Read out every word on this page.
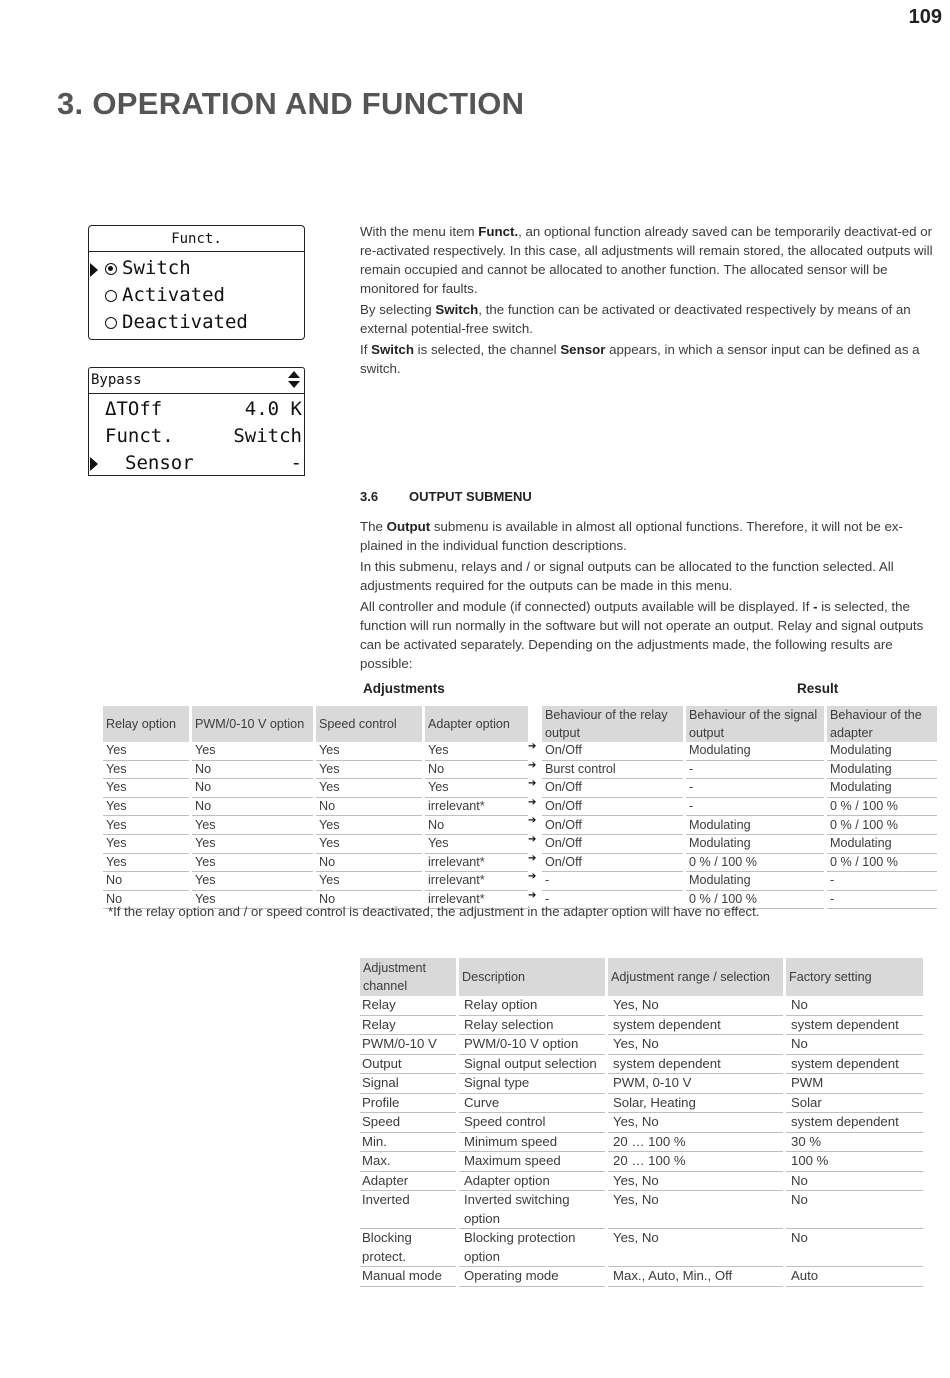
109
3. OPERATION AND FUNCTION
Funct.
Switch
Activated
Deactivated
Bypass
ΔTOff	4.0 K
Funct.	Switch
Sensor	-

With the menu item Funct., an optional function already saved can be temporarily deactivat-ed or re-activated respectively. In this case, all adjustments will remain stored, the allocated outputs will remain occupied and cannot be allocated to another function. The allocated sensor will be monitored for faults.

By selecting Switch, the function can be activated or deactivated respectively by means of an external potential-free switch.

If Switch is selected, the channel Sensor appears, in which a sensor input can be defined as a switch.

3.6 OUTPUT SUBMENU

The Output submenu is available in almost all optional functions. Therefore, it will not be ex-plained in the individual function descriptions.

In this submenu, relays and / or signal outputs can be allocated to the function selected. All adjustments required for the outputs can be made in this menu.

All controller and module (if connected) outputs available will be displayed. If - is selected, the function will run normally in the software but will not operate an output. Relay and signal outputs can be activated separately. Depending on the adjustments made, the following results are possible:

Adjustments	Result
Relay option	PWM/0-10 V option	Speed control	Adapter option		Behaviour of the relay output	Behaviour of the signal output	Behaviour of the adapter
Yes	Yes	Yes	Yes	➔	On/Off	Modulating	Modulating
Yes	No	Yes	No	➔	Burst control	-	Modulating
Yes	No	Yes	Yes	➔	On/Off	-	Modulating
Yes	No	No	irrelevant*	➔	On/Off	-	0 % / 100 %
Yes	Yes	Yes	No	➔	On/Off	Modulating	0 % / 100 %
Yes	Yes	Yes	Yes	➔	On/Off	Modulating	Modulating
Yes	Yes	No	irrelevant*	➔	On/Off	0 % / 100 %	0 % / 100 %
No	Yes	Yes	irrelevant*	➔	-	Modulating	-
No	Yes	No	irrelevant*	➔	-	0 % / 100 %	-
*If the relay option and / or speed control is deactivated, the adjustment in the adapter option will have no effect.
Adjustment channel	Description	Adjustment range / selection	Factory setting
Relay	Relay option	Yes, No	No
Relay	Relay selection	system dependent	system dependent
PWM/0-10 V	PWM/0-10 V option	Yes, No	No
Output	Signal output selection	system dependent	system dependent
Signal	Signal type	PWM, 0-10 V	PWM
Profile	Curve	Solar, Heating	Solar
Speed	Speed control	Yes, No	system dependent
Min.	Minimum speed	20 … 100 %	30 %
Max.	Maximum speed	20 … 100 %	100 %
Adapter	Adapter option	Yes, No	No
Inverted	Inverted switching option	Yes, No	No
Blocking protect.	Blocking protection option	Yes, No	No
Manual mode	Operating mode	Max., Auto, Min., Off	Auto
